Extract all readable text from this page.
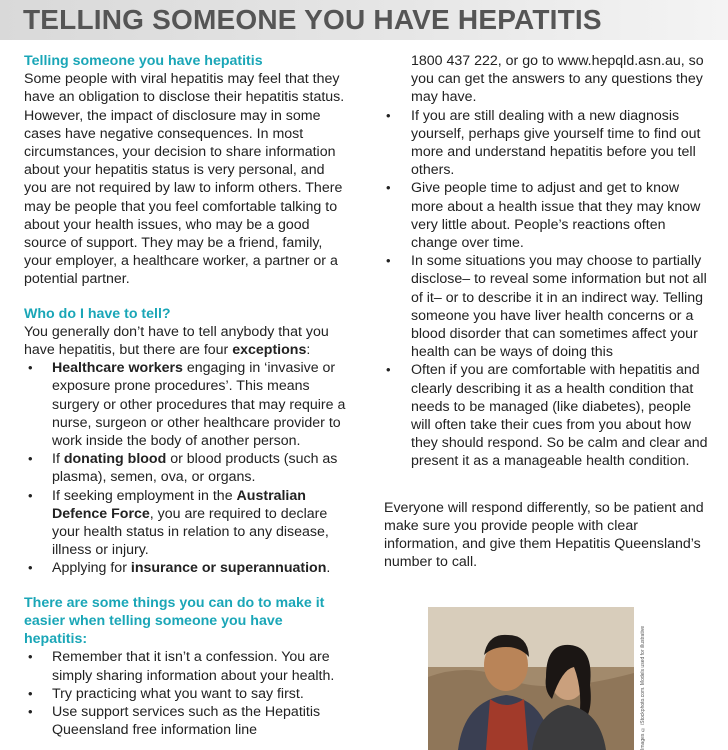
TELLING SOMEONE YOU HAVE HEPATITIS
Telling someone you have hepatitis

Some people with viral hepatitis may feel that they have an obligation to disclose their hepatitis status. However, the impact of disclosure may in some cases have negative consequences. In most circumstances, your decision to share information about your hepatitis status is very personal, and you are not required by law to inform others. There may be people that you feel comfortable talking to about your health issues, who may be a good source of support. They may be a friend, family, your employer, a healthcare worker, a partner or a potential partner.

Who do I have to tell?

You generally don’t have to tell anybody that you have hepatitis, but there are four exceptions:

• Healthcare workers engaging in ‘invasive or exposure prone procedures’. This means surgery or other procedures that may require a nurse, surgeon or other healthcare provider to work inside the body of another person.
• If donating blood or blood products (such as plasma), semen, ova, or organs.
• If seeking employment in the Australian Defence Force, you are required to declare your health status in relation to any disease, illness or injury.
• Applying for insurance or superannuation.
There are some things you can do to make it easier when telling someone you have hepatitis:
• Remember that it isn’t a confession. You are simply sharing information about your health.
• Try practicing what you want to say first.
• Use support services such as the Hepatitis Queensland free information line

1800 437 222, or go to www.hepqld.asn.au, so you can get the answers to any questions they may have.

• If you are still dealing with a new diagnosis yourself, perhaps give yourself time to find out more and understand hepatitis before you tell others.
• Give people time to adjust and get to know more about a health issue that they may know very little about. People’s reactions often change over time.
• In some situations you may choose to partially disclose– to reveal some information but not all of it– or to describe it in an indirect way. Telling someone you have liver health concerns or a blood disorder that can sometimes affect your health can be ways of doing this
• Often if you are comfortable with hepatitis and clearly describing it as a health condition that needs to be managed (like diabetes), people will often take their cues from you about how they should respond. So be calm and clear and present it as a manageable health condition.

Everyone will respond differently, so be patient and make sure you provide people with clear information, and give them Hepatitis Queensland’s number to call.

Images © iStockphoto.com. Models used for illustrative
